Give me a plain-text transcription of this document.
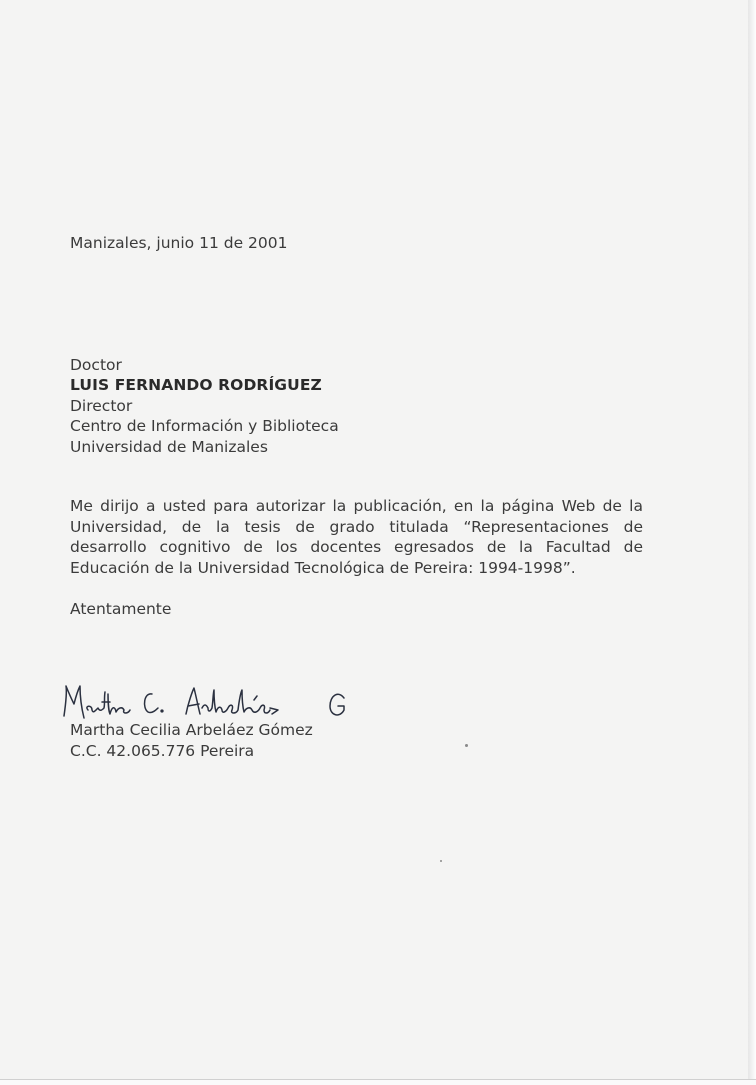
Manizales, junio 11 de 2001
Doctor
LUIS FERNANDO RODRÍGUEZ
Director
Centro de Información y Biblioteca
Universidad de Manizales
Me dirijo a usted para autorizar la publicación, en la página Web de la Universidad, de la tesis de grado titulada “Representaciones de desarrollo cognitivo de los docentes egresados de la Facultad de Educación de la Universidad Tecnológica de Pereira: 1994-1998”.
Atentamente
Martha Cecilia Arbeláez Gómez
C.C. 42.065.776 Pereira
